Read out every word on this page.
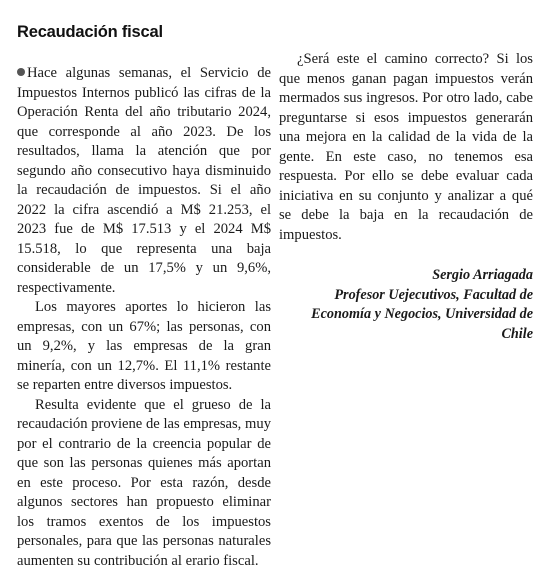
Recaudación fiscal

Hace algunas semanas, el Servicio de Impuestos Internos publicó las cifras de la Operación Renta del año tributario 2024, que corresponde al año 2023. De los resultados, llama la atención que por segundo año consecutivo haya disminuido la recaudación de impuestos. Si el año 2022 la cifra ascendió a M$ 21.253, el 2023 fue de M$ 17.513 y el 2024 M$ 15.518, lo que representa una baja considerable de un 17,5% y un 9,6%, respectivamente.

Los mayores aportes lo hicieron las empresas, con un 67%; las personas, con un 9,2%, y las empresas de la gran minería, con un 12,7%. El 11,1% restante se reparten entre diversos impuestos.

Resulta evidente que el grueso de la recaudación proviene de las empresas, muy por el contrario de la creencia popular de que son las personas quienes más aportan en este proceso. Por esta razón, desde algunos sectores han propuesto eliminar los tramos exentos de los impuestos personales, para que las personas naturales aumenten su contribución al erario fiscal.

¿Será este el camino correcto? Si los que menos ganan pagan impuestos verán mermados sus ingresos. Por otro lado, cabe preguntarse si esos impuestos generarán una mejora en la calidad de la vida de la gente. En este caso, no tenemos esa respuesta. Por ello se debe evaluar cada iniciativa en su conjunto y analizar a qué se debe la baja en la recaudación de impuestos.

Sergio Arriagada
Profesor Uejecutivos, Facultad de Economía y Negocios, Universidad de Chile
